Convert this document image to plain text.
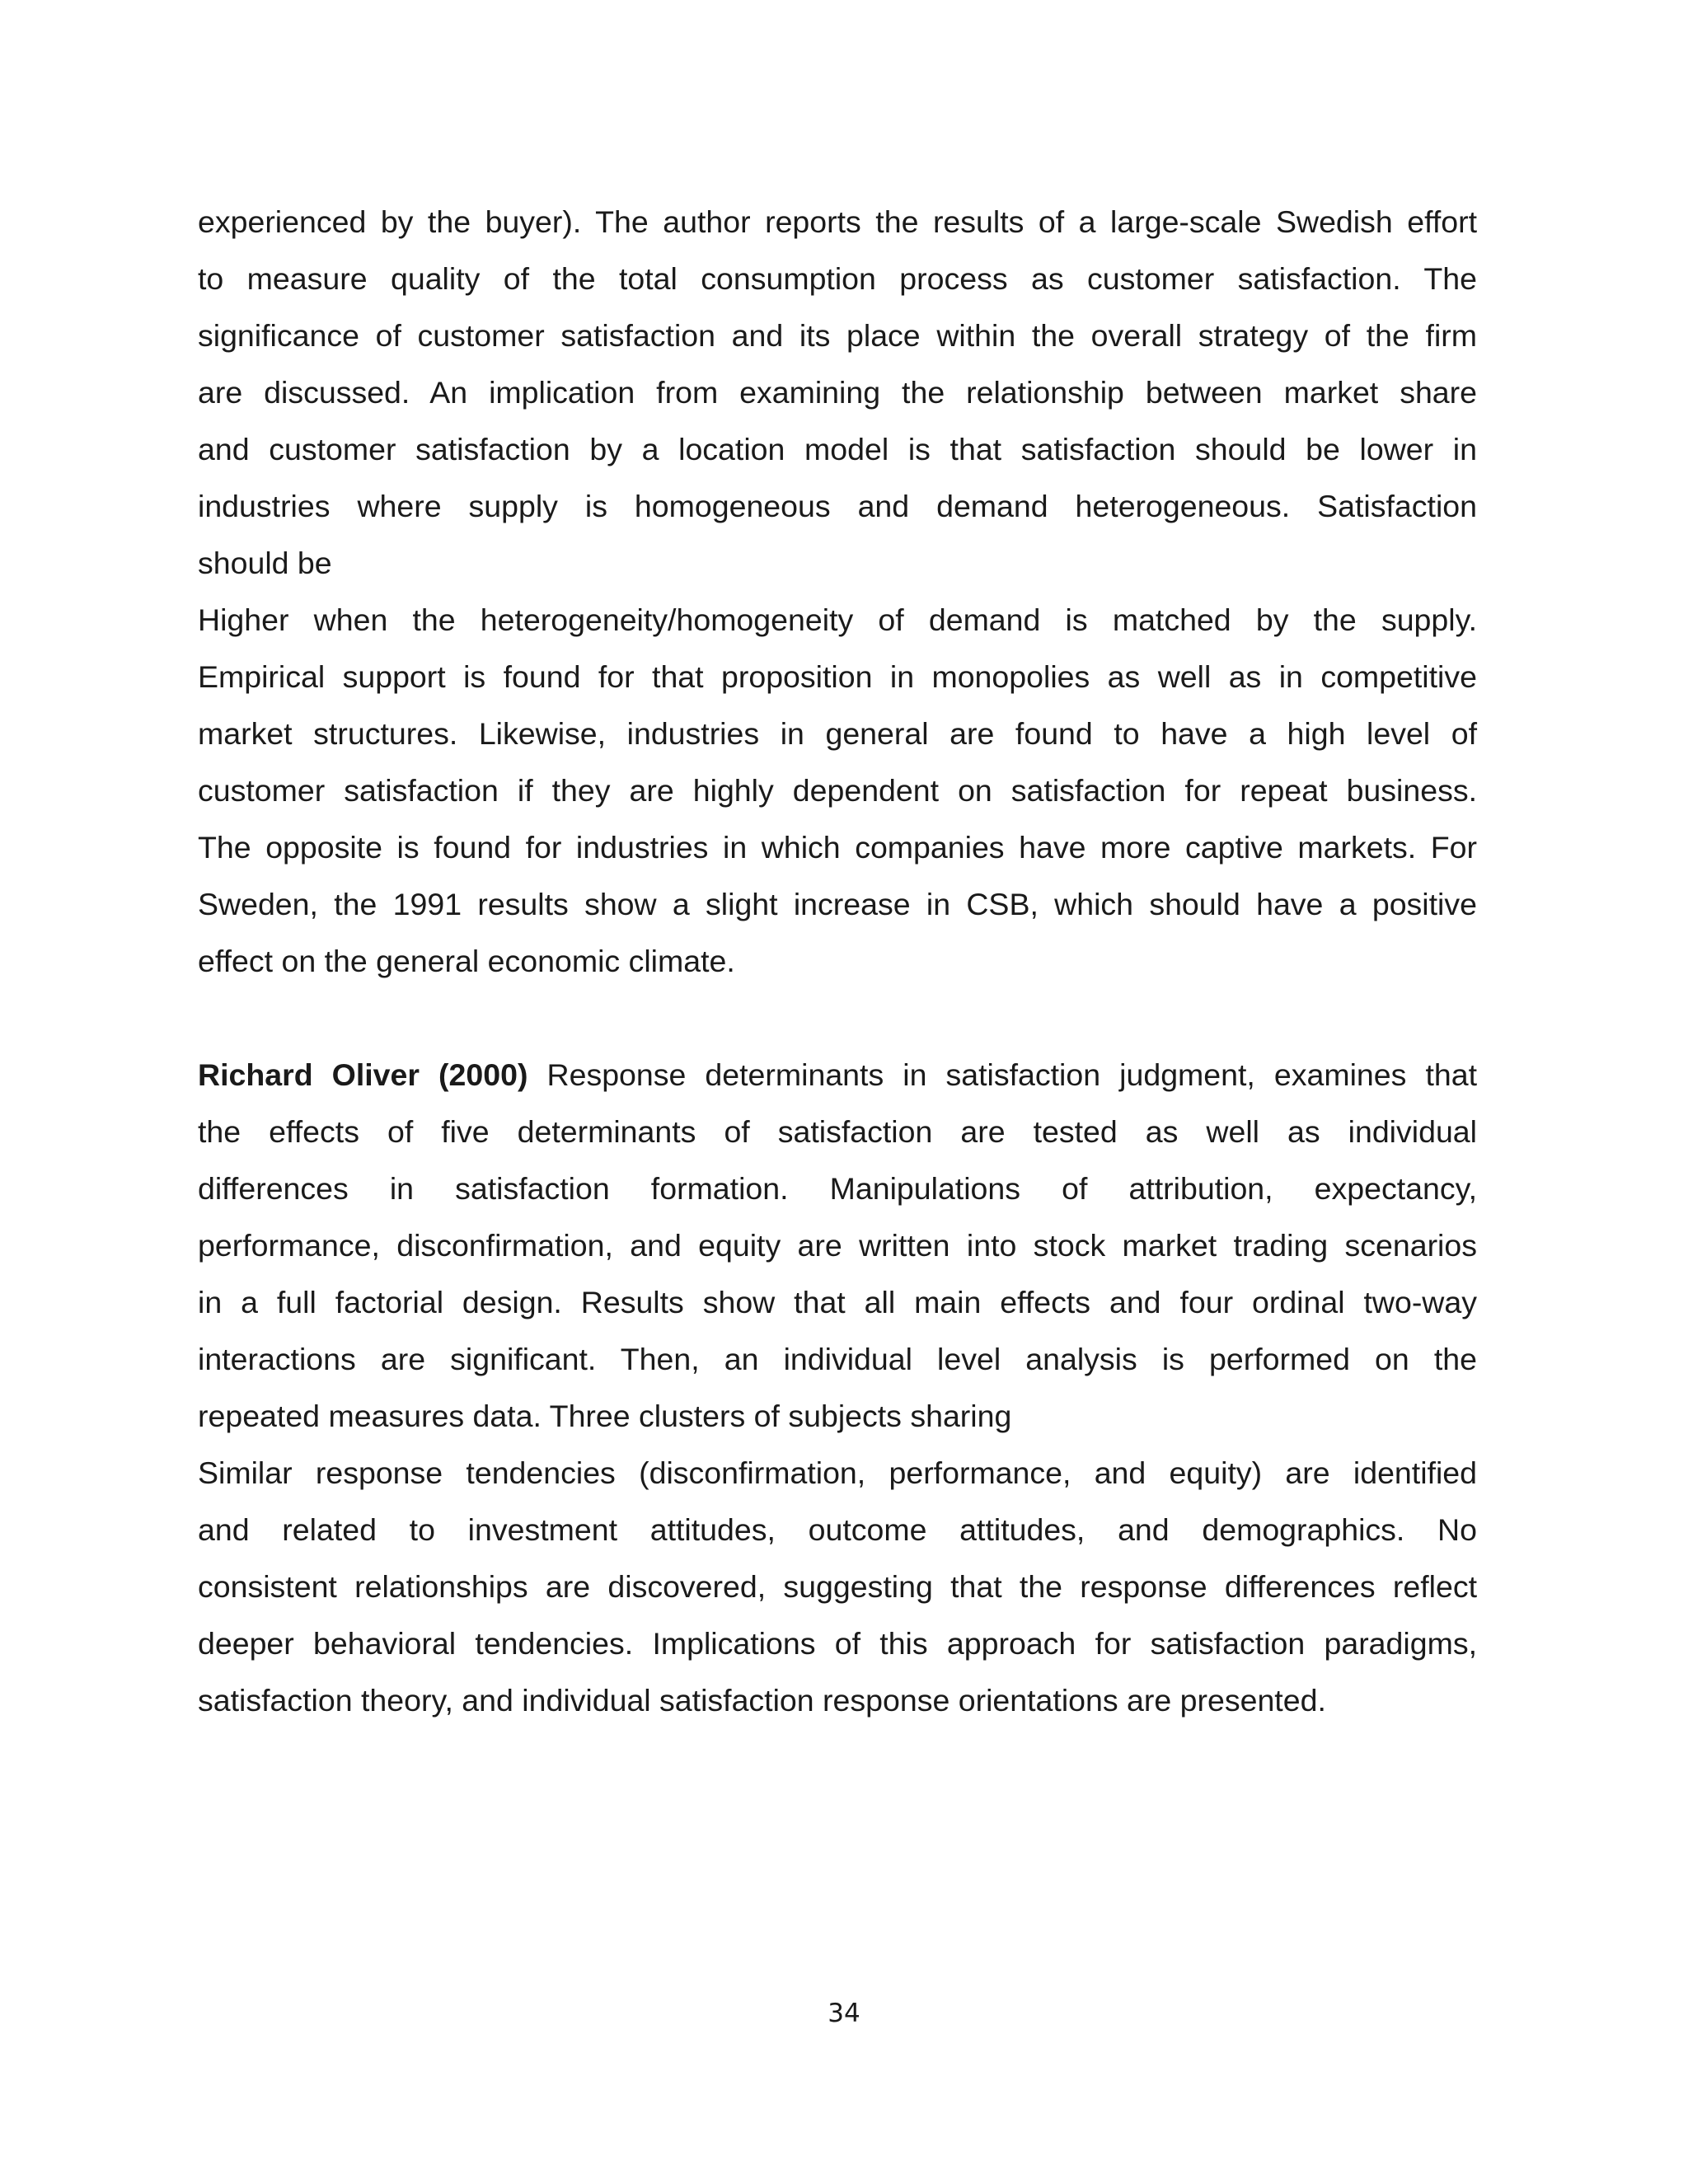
experienced by the buyer). The author reports the results of a large-scale Swedish effort
to measure quality of the total consumption process as customer satisfaction. The
significance of customer satisfaction and its place within the overall strategy of the firm
are discussed. An implication from examining the relationship between market share
and customer satisfaction by a location model is that satisfaction should be lower in
industries where supply is homogeneous and demand heterogeneous. Satisfaction
should be
Higher when the heterogeneity/homogeneity of demand is matched by the supply.
Empirical support is found for that proposition in monopolies as well as in competitive
market structures. Likewise, industries in general are found to have a high level of
customer satisfaction if they are highly dependent on satisfaction for repeat business.
The opposite is found for industries in which companies have more captive markets. For
Sweden, the 1991 results show a slight increase in CSB, which should have a positive
effect on the general economic climate.
Richard Oliver (2000) Response determinants in satisfaction judgment, examines that
the effects of five determinants of satisfaction are tested as well as individual
differences in satisfaction formation. Manipulations of attribution, expectancy,
performance, disconfirmation, and equity are written into stock market trading scenarios
in a full factorial design. Results show that all main effects and four ordinal two-way
interactions are significant. Then, an individual level analysis is performed on the
repeated measures data. Three clusters of subjects sharing
Similar response tendencies (disconfirmation, performance, and equity) are identified
and related to investment attitudes, outcome attitudes, and demographics. No
consistent relationships are discovered, suggesting that the response differences reflect
deeper behavioral tendencies. Implications of this approach for satisfaction paradigms,
satisfaction theory, and individual satisfaction response orientations are presented.
34
